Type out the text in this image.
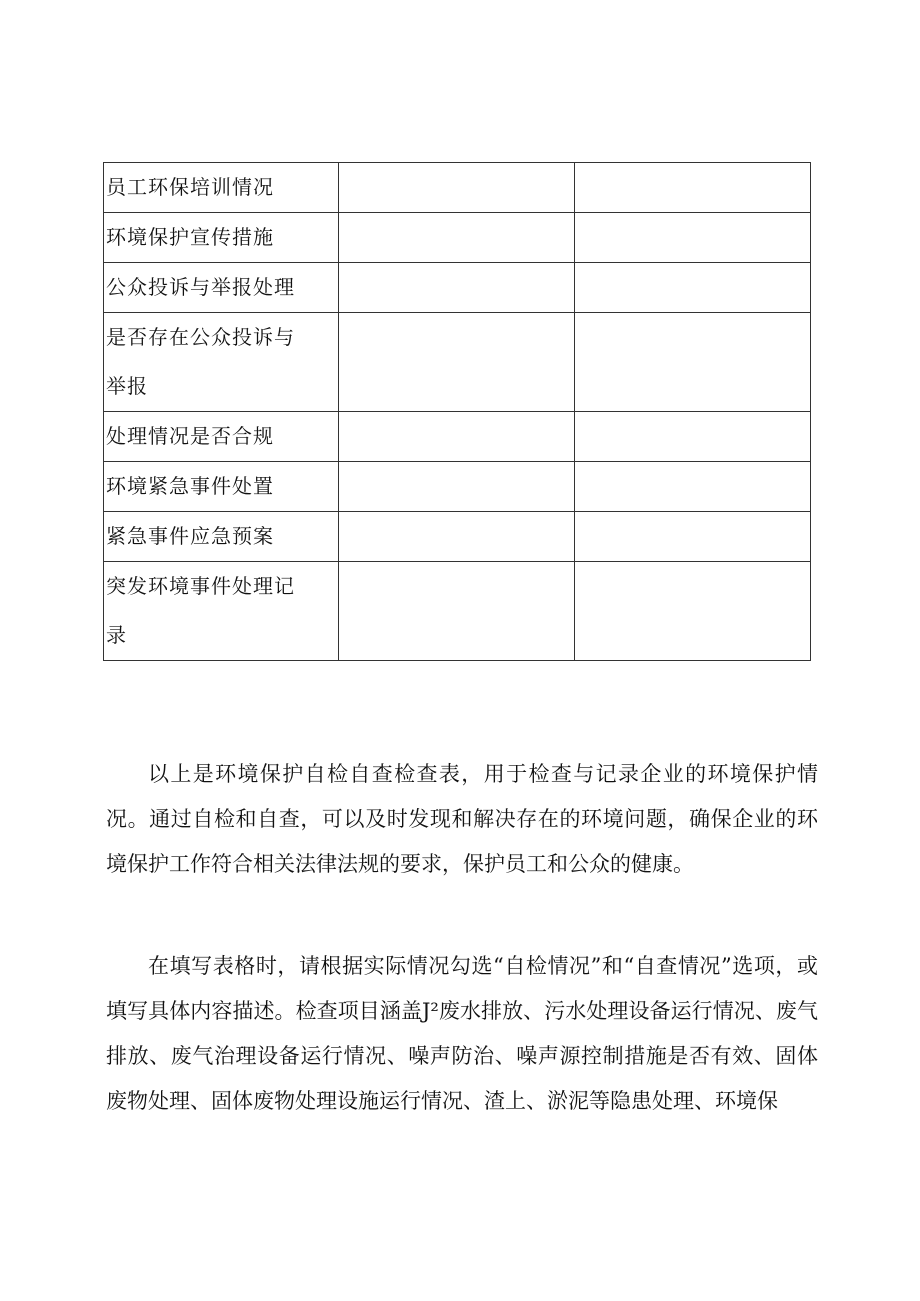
员工环保培训情况		

环境保护宣传措施		

公众投诉与举报处理		

是否存在公众投诉与举报		

处理情况是否合规		

环境紧急事件处置		

紧急事件应急预案		

突发环境事件处理记录		

以上是环境保护自检自查检查表，用于检查与记录企业的环境保护情况。通过自检和自查，可以及时发现和解决存在的环境问题，确保企业的环境保护工作符合相关法律法规的要求，保护员工和公众的健康。

在填写表格时，请根据实际情况勾选“自检情况”和“自查情况”选项，或填写具体内容描述。检查项目涵盖J²废水排放、污水处理设备运行情况、废气排放、废气治理设备运行情况、噪声防治、噪声源控制措施是否有效、固体废物处理、固体废物处理设施运行情况、渣上、淤泥等隐患处理、环境保
